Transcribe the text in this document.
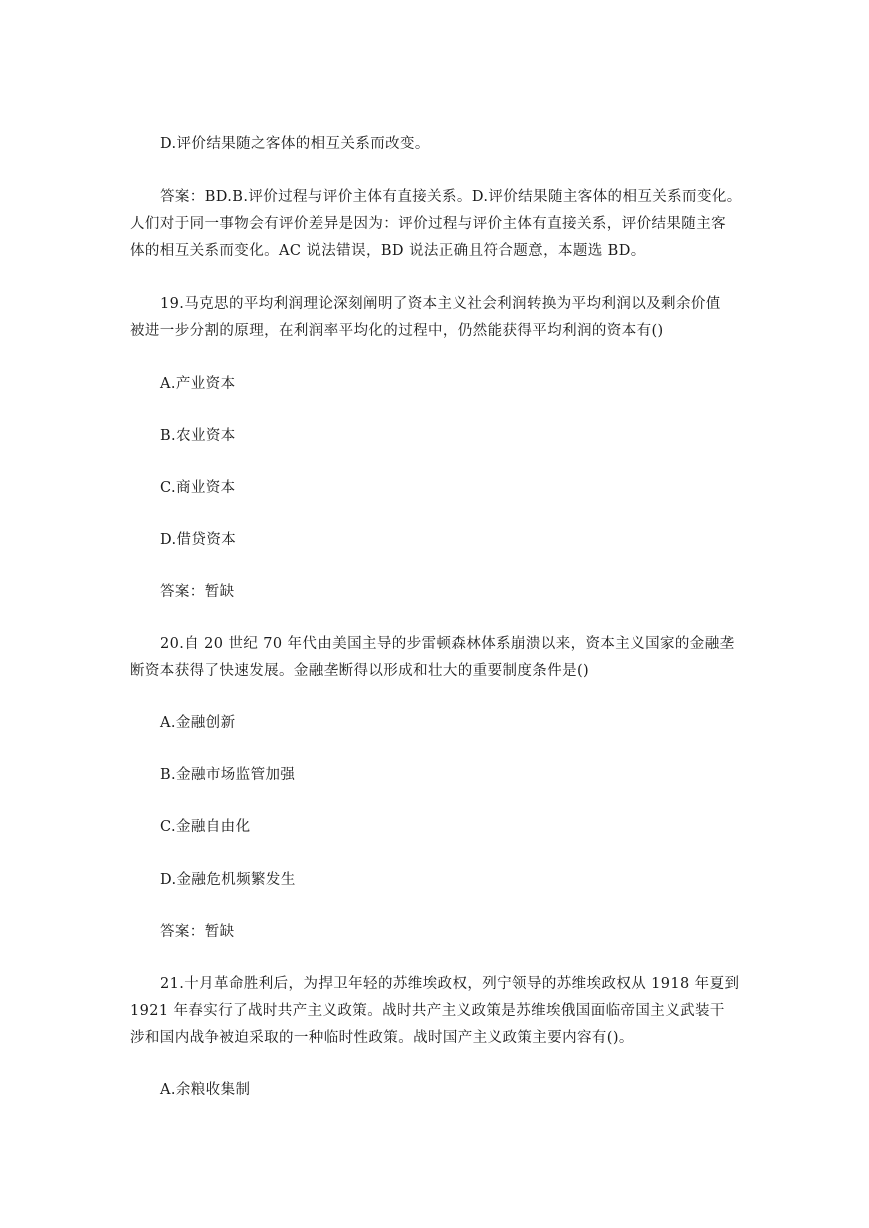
D.评价结果随之客体的相互关系而改变。
答案：BD.B.评价过程与评价主体有直接关系。D.评价结果随主客体的相互关系而变化。
人们对于同一事物会有评价差异是因为：评价过程与评价主体有直接关系，评价结果随主客
体的相互关系而变化。AC 说法错误，BD 说法正确且符合题意，本题选 BD。
19.马克思的平均利润理论深刻阐明了资本主义社会利润转换为平均利润以及剩余价值
被进一步分割的原理，在利润率平均化的过程中，仍然能获得平均利润的资本有()
A.产业资本
B.农业资本
C.商业资本
D.借贷资本
答案：暂缺
20.自 20 世纪 70 年代由美国主导的步雷顿森林体系崩溃以来，资本主义国家的金融垄
断资本获得了快速发展。金融垄断得以形成和壮大的重要制度条件是()
A.金融创新
B.金融市场监管加强
C.金融自由化
D.金融危机频繁发生
答案：暂缺
21.十月革命胜利后，为捍卫年轻的苏维埃政权，列宁领导的苏维埃政权从 1918 年夏到
1921 年春实行了战时共产主义政策。战时共产主义政策是苏维埃俄国面临帝国主义武装干
涉和国内战争被迫采取的一种临时性政策。战时国产主义政策主要内容有()。
A.余粮收集制
